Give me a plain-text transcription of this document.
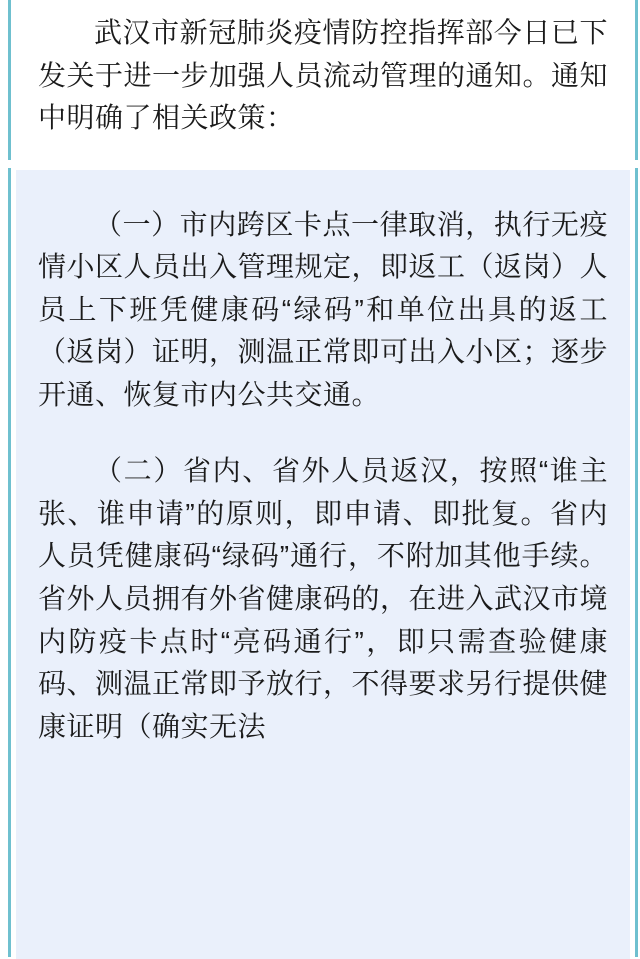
武汉市新冠肺炎疫情防控指挥部今日已下发关于进一步加强人员流动管理的通知。通知中明确了相关政策：

（一）市内跨区卡点一律取消，执行无疫情小区人员出入管理规定，即返工（返岗）人员上下班凭健康码“绿码”和单位出具的返工（返岗）证明，测温正常即可出入小区；逐步开通、恢复市内公共交通。

（二）省内、省外人员返汉，按照“谁主张、谁申请”的原则，即申请、即批复。省内人员凭健康码“绿码”通行，不附加其他手续。省外人员拥有外省健康码的，在进入武汉市境内防疫卡点时“亮码通行”，即只需查验健康码、测温正常即予放行，不得要求另行提供健康证明（确实无法
